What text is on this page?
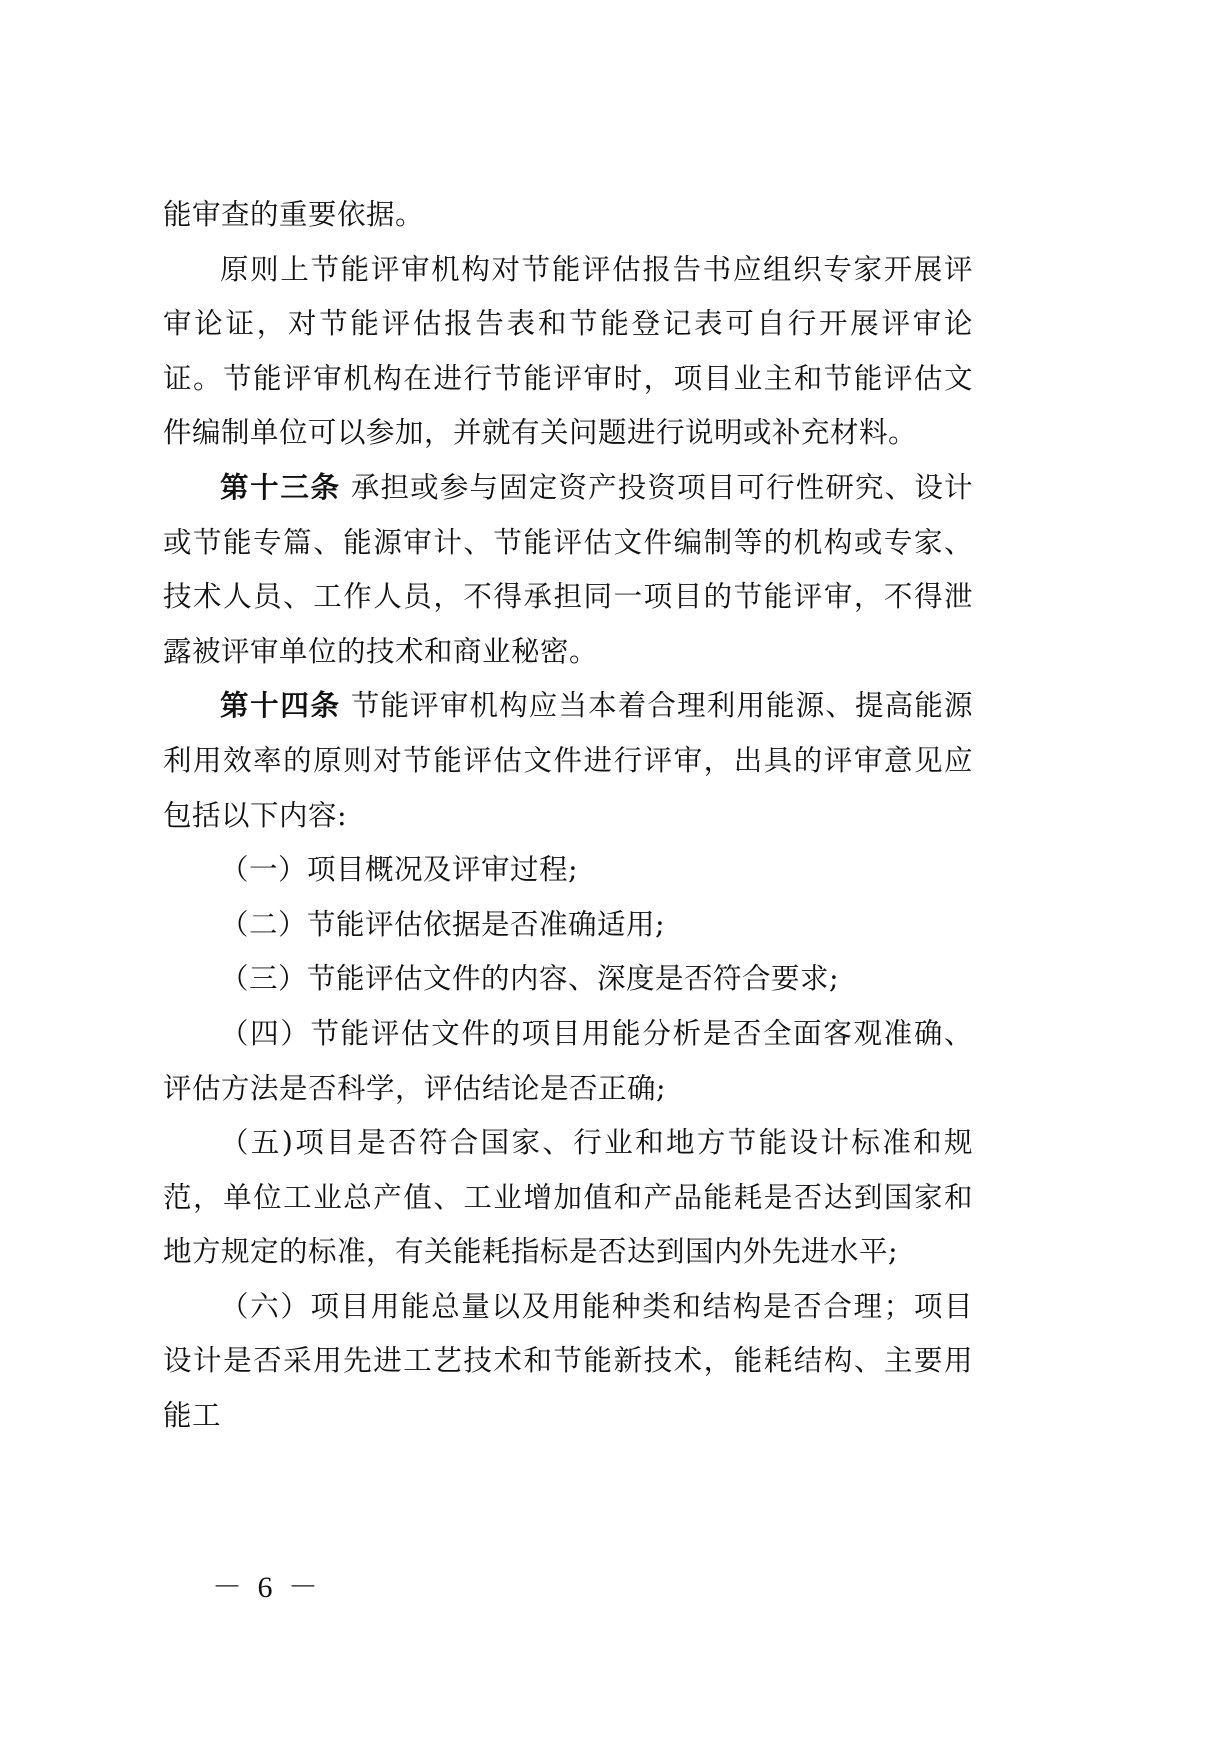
能审查的重要依据。

原则上节能评审机构对节能评估报告书应组织专家开展评审论证，对节能评估报告表和节能登记表可自行开展评审论证。节能评审机构在进行节能评审时，项目业主和节能评估文件编制单位可以参加，并就有关问题进行说明或补充材料。

第十三条 承担或参与固定资产投资项目可行性研究、设计或节能专篇、能源审计、节能评估文件编制等的机构或专家、技术人员、工作人员，不得承担同一项目的节能评审，不得泄露被评审单位的技术和商业秘密。

第十四条 节能评审机构应当本着合理利用能源、提高能源利用效率的原则对节能评估文件进行评审，出具的评审意见应包括以下内容:

（一）项目概况及评审过程;

（二）节能评估依据是否准确适用;

（三）节能评估文件的内容、深度是否符合要求;

（四）节能评估文件的项目用能分析是否全面客观准确、评估方法是否科学，评估结论是否正确;

（五)项目是否符合国家、行业和地方节能设计标准和规范，单位工业总产值、工业增加值和产品能耗是否达到国家和地方规定的标准，有关能耗指标是否达到国内外先进水平;

（六）项目用能总量以及用能种类和结构是否合理；项目设计是否采用先进工艺技术和节能新技术，能耗结构、主要用能工

－ 6 －
